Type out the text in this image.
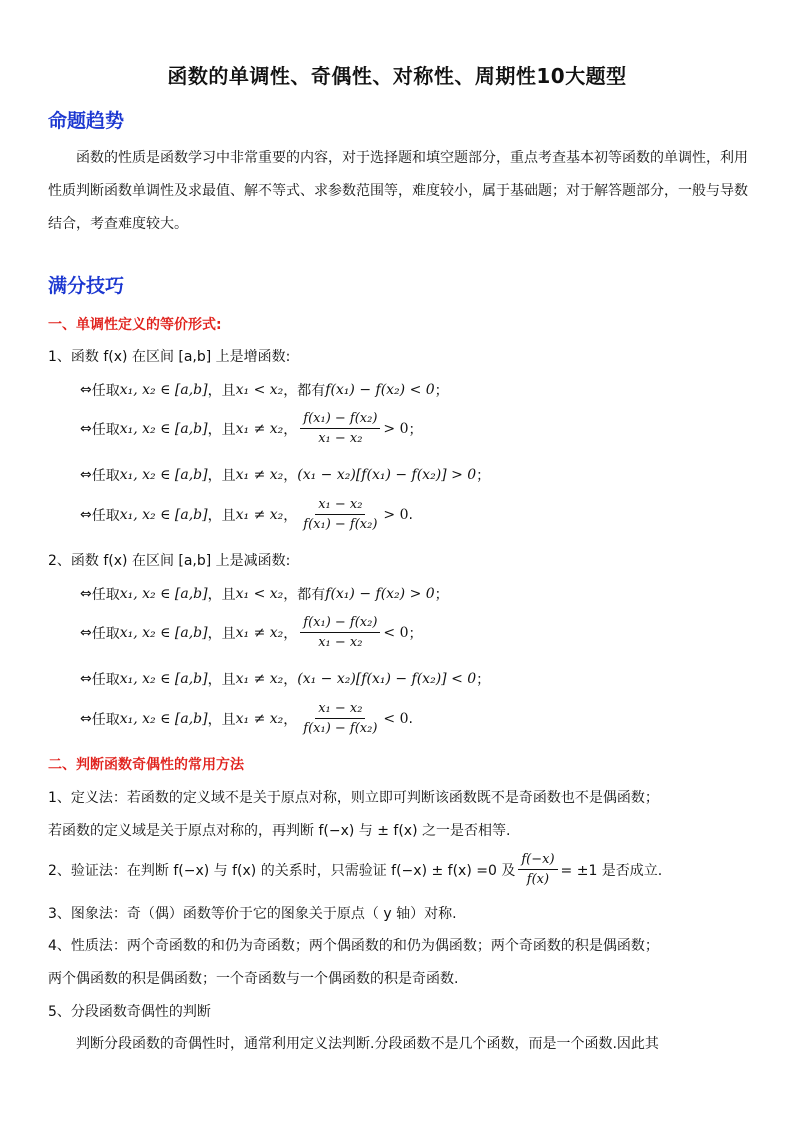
函数的单调性、奇偶性、对称性、周期性10大题型
命题趋势
函数的性质是函数学习中非常重要的内容，对于选择题和填空题部分，重点考查基本初等函数的单调性，利用性质判断函数单调性及求最值、解不等式、求参数范围等，难度较小，属于基础题；对于解答题部分，一般与导数结合，考查难度较大。
满分技巧
一、单调性定义的等价形式:
1、函数 f(x) 在区间 [a,b] 上是增函数:
⇔ 任取 x₁, x₂ ∈ [a,b] ，且 x₁ < x₂ ，都有 f(x₁) − f(x₂) < 0 ；
⇔ 任取 x₁, x₂ ∈ [a,b] ，且 x₁ ≠ x₂ ， $\frac{\text{f(x₁) − f(x₂)}}{\text{x₁ − x₂}} > 0$ ；
⇔ 任取 x₁, x₂ ∈ [a,b] ，且 x₁ ≠ x₂ ， (x₁ − x₂)[f(x₁) − f(x₂)] > 0 ；
⇔ 任取 x₁, x₂ ∈ [a,b] ，且 x₁ ≠ x₂ ， $\frac{\text{x₁ − x₂}}{\text{f(x₁) − f(x₂)}} > 0$ .
2、函数 f(x) 在区间 [a,b] 上是减函数:
⇔ 任取 x₁, x₂ ∈ [a,b] ，且 x₁ < x₂ ，都有 f(x₁) − f(x₂) > 0 ；
⇔ 任取 x₁, x₂ ∈ [a,b] ，且 x₁ ≠ x₂ ， $\frac{\text{f(x₁) − f(x₂)}}{\text{x₁ − x₂}} < 0$ ；
⇔ 任取 x₁, x₂ ∈ [a,b] ，且 x₁ ≠ x₂ ， (x₁ − x₂)[f(x₁) − f(x₂)] < 0 ；
⇔ 任取 x₁, x₂ ∈ [a,b] ，且 x₁ ≠ x₂ ， $\frac{\text{x₁ − x₂}}{\text{f(x₁) − f(x₂)}} < 0$ .
二、判断函数奇偶性的常用方法
1、定义法：若函数的定义域不是关于原点对称，则立即可判断该函数既不是奇函数也不是偶函数；
若函数的定义域是关于原点对称的，再判断 f(−x) 与 ± f(x) 之一是否相等.
2、验证法：在判断 f(−x) 与 f(x) 的关系时，只需验证 f(−x) ± f(x) =0 及 $\frac{f(-x)}{f(x)} = \pm 1$ 是否成立.
3、图象法：奇（偶）函数等价于它的图象关于原点（ y 轴）对称.
4、性质法：两个奇函数的和仍为奇函数；两个偶函数的和仍为偶函数；两个奇函数的积是偶函数；
两个偶函数的积是偶函数；一个奇函数与一个偶函数的积是奇函数.
5、分段函数奇偶性的判断
判断分段函数的奇偶性时，通常利用定义法判断.分段函数不是几个函数，而是一个函数.因此其
